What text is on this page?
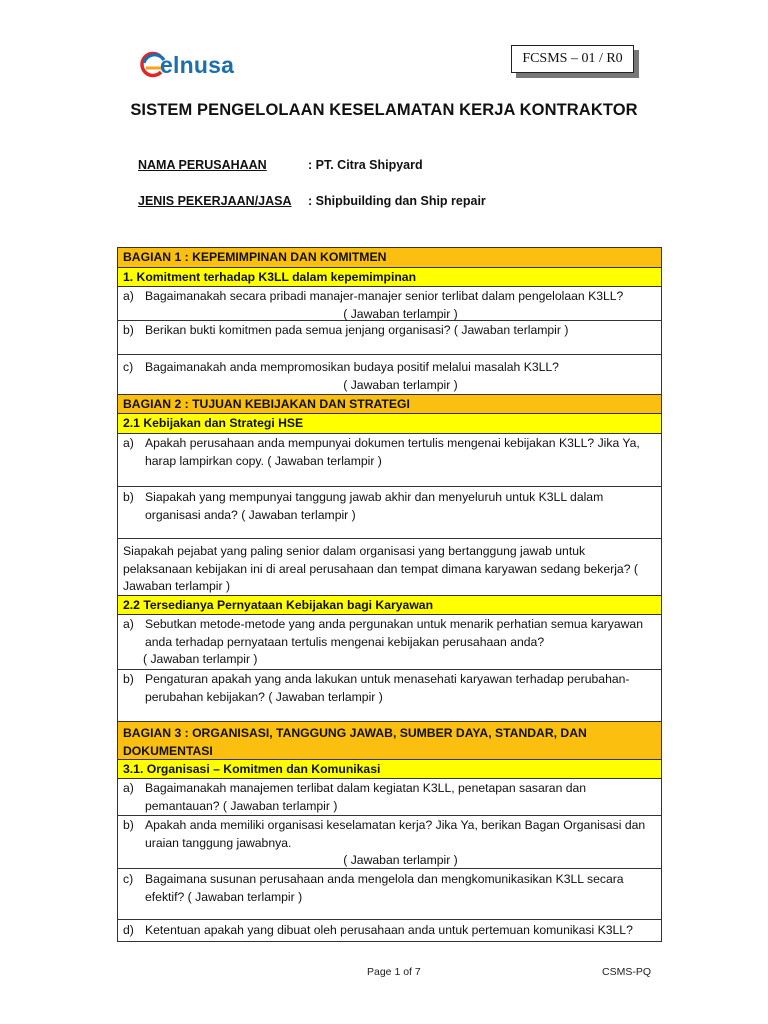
elnusa	FCSMS – 01 / R0
SISTEM PENGELOLAAN KESELAMATAN KERJA KONTRAKTOR
NAMA PERUSAHAAN	: PT. Citra Shipyard
JENIS PEKERJAAN/JASA : Shipbuilding dan Ship repair
BAGIAN 1 : KEPEMIMPINAN DAN KOMITMEN
1. Komitment terhadap K3LL dalam kepemimpinan
a) Bagaimanakah secara pribadi manajer-manajer senior terlibat dalam pengelolaan K3LL?
( Jawaban terlampir )
b) Berikan bukti komitmen pada semua jenjang organisasi? ( Jawaban terlampir )
c) Bagaimanakah anda mempromosikan budaya positif melalui masalah K3LL?
( Jawaban terlampir )
BAGIAN 2 : TUJUAN KEBIJAKAN DAN STRATEGI
2.1 Kebijakan dan Strategi HSE
a) Apakah perusahaan anda mempunyai dokumen tertulis mengenai kebijakan K3LL? Jika Ya, harap lampirkan copy. ( Jawaban terlampir )
b) Siapakah yang mempunyai tanggung jawab akhir dan menyeluruh untuk K3LL dalam organisasi anda? ( Jawaban terlampir )
Siapakah pejabat yang paling senior dalam organisasi yang bertanggung jawab untuk pelaksanaan kebijakan ini di areal perusahaan dan tempat dimana karyawan sedang bekerja? ( Jawaban terlampir )
2.2 Tersedianya Pernyataan Kebijakan bagi Karyawan
a) Sebutkan metode-metode yang anda pergunakan untuk menarik perhatian semua karyawan anda terhadap pernyataan tertulis mengenai kebijakan perusahaan anda?
( Jawaban terlampir )
b) Pengaturan apakah yang anda lakukan untuk menasehati karyawan terhadap perubahan-perubahan kebijakan? ( Jawaban terlampir )
BAGIAN 3 : ORGANISASI, TANGGUNG JAWAB, SUMBER DAYA, STANDAR, DAN DOKUMENTASI
3.1. Organisasi – Komitmen dan Komunikasi
a) Bagaimanakah manajemen terlibat dalam kegiatan K3LL, penetapan sasaran dan pemantauan? ( Jawaban terlampir )
b) Apakah anda memiliki organisasi keselamatan kerja? Jika Ya, berikan Bagan Organisasi dan uraian tanggung jawabnya.
( Jawaban terlampir )
c) Bagaimana susunan perusahaan anda mengelola dan mengkomunikasikan K3LL secara efektif? ( Jawaban terlampir )
d) Ketentuan apakah yang dibuat oleh perusahaan anda untuk pertemuan komunikasi K3LL?
Page 1 of 7	CSMS-PQ
